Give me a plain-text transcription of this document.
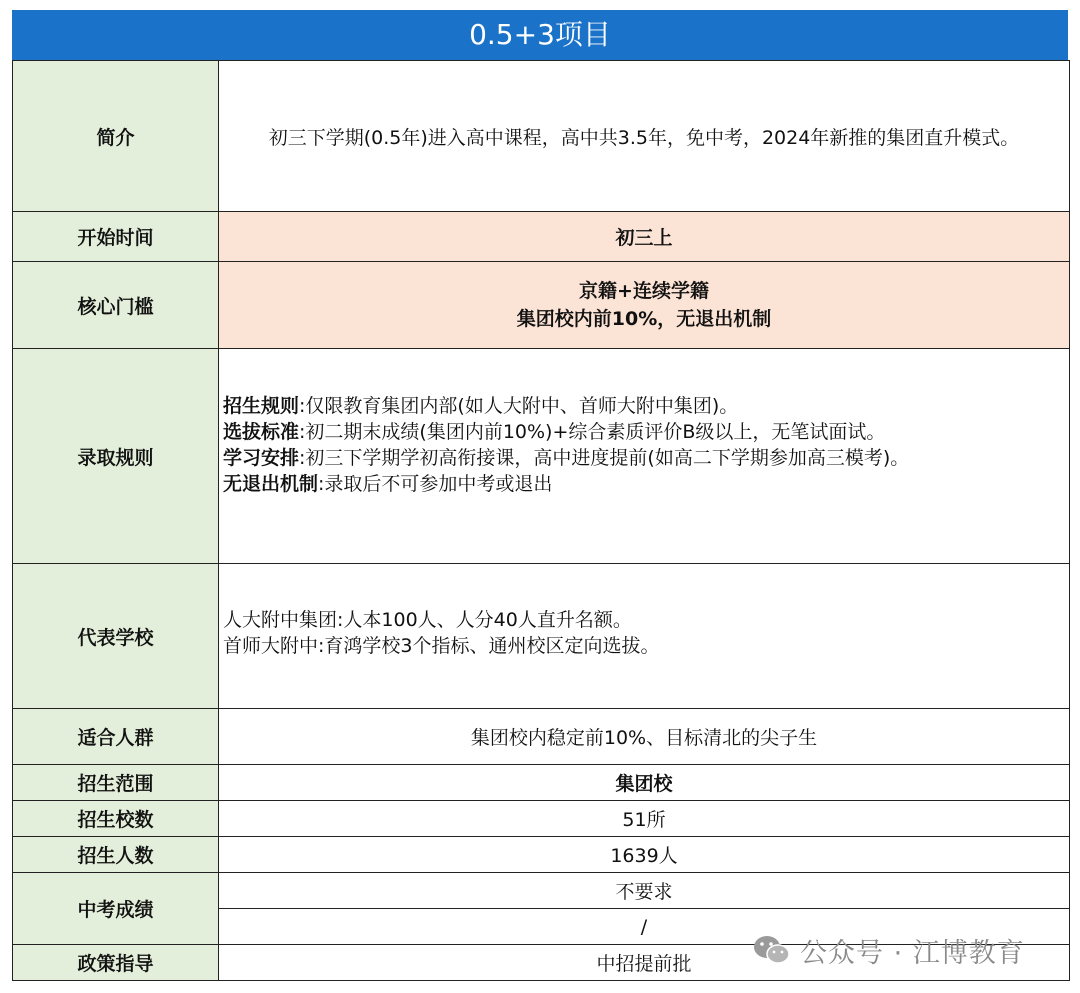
0.5+3项目
简介	初三下学期(0.5年)进入高中课程，高中共3.5年，免中考，2024年新推的集团直升模式。
开始时间	初三上
核心门槛	京籍+连续学籍
集团校内前10%，无退出机制

录取规则	招生规则:仅限教育集团内部(如人大附中、首师大附中集团)。
选拔标准:初二期末成绩(集团内前10%)+综合素质评价B级以上，无笔试面试。
学习安排:初三下学期学初高衔接课，高中进度提前(如高二下学期参加高三模考)。
无退出机制:录取后不可参加中考或退出

代表学校	人大附中集团:人本100人、人分40人直升名额。
首师大附中:育鸿学校3个指标、通州校区定向选拔。

适合人群	集团校内稳定前10%、目标清北的尖子生
招生范围	集团校
招生校数	51所
招生人数	1639人
中考成绩	不要求
	/
政策指导	中招提前批	公众号 · 江博教育
